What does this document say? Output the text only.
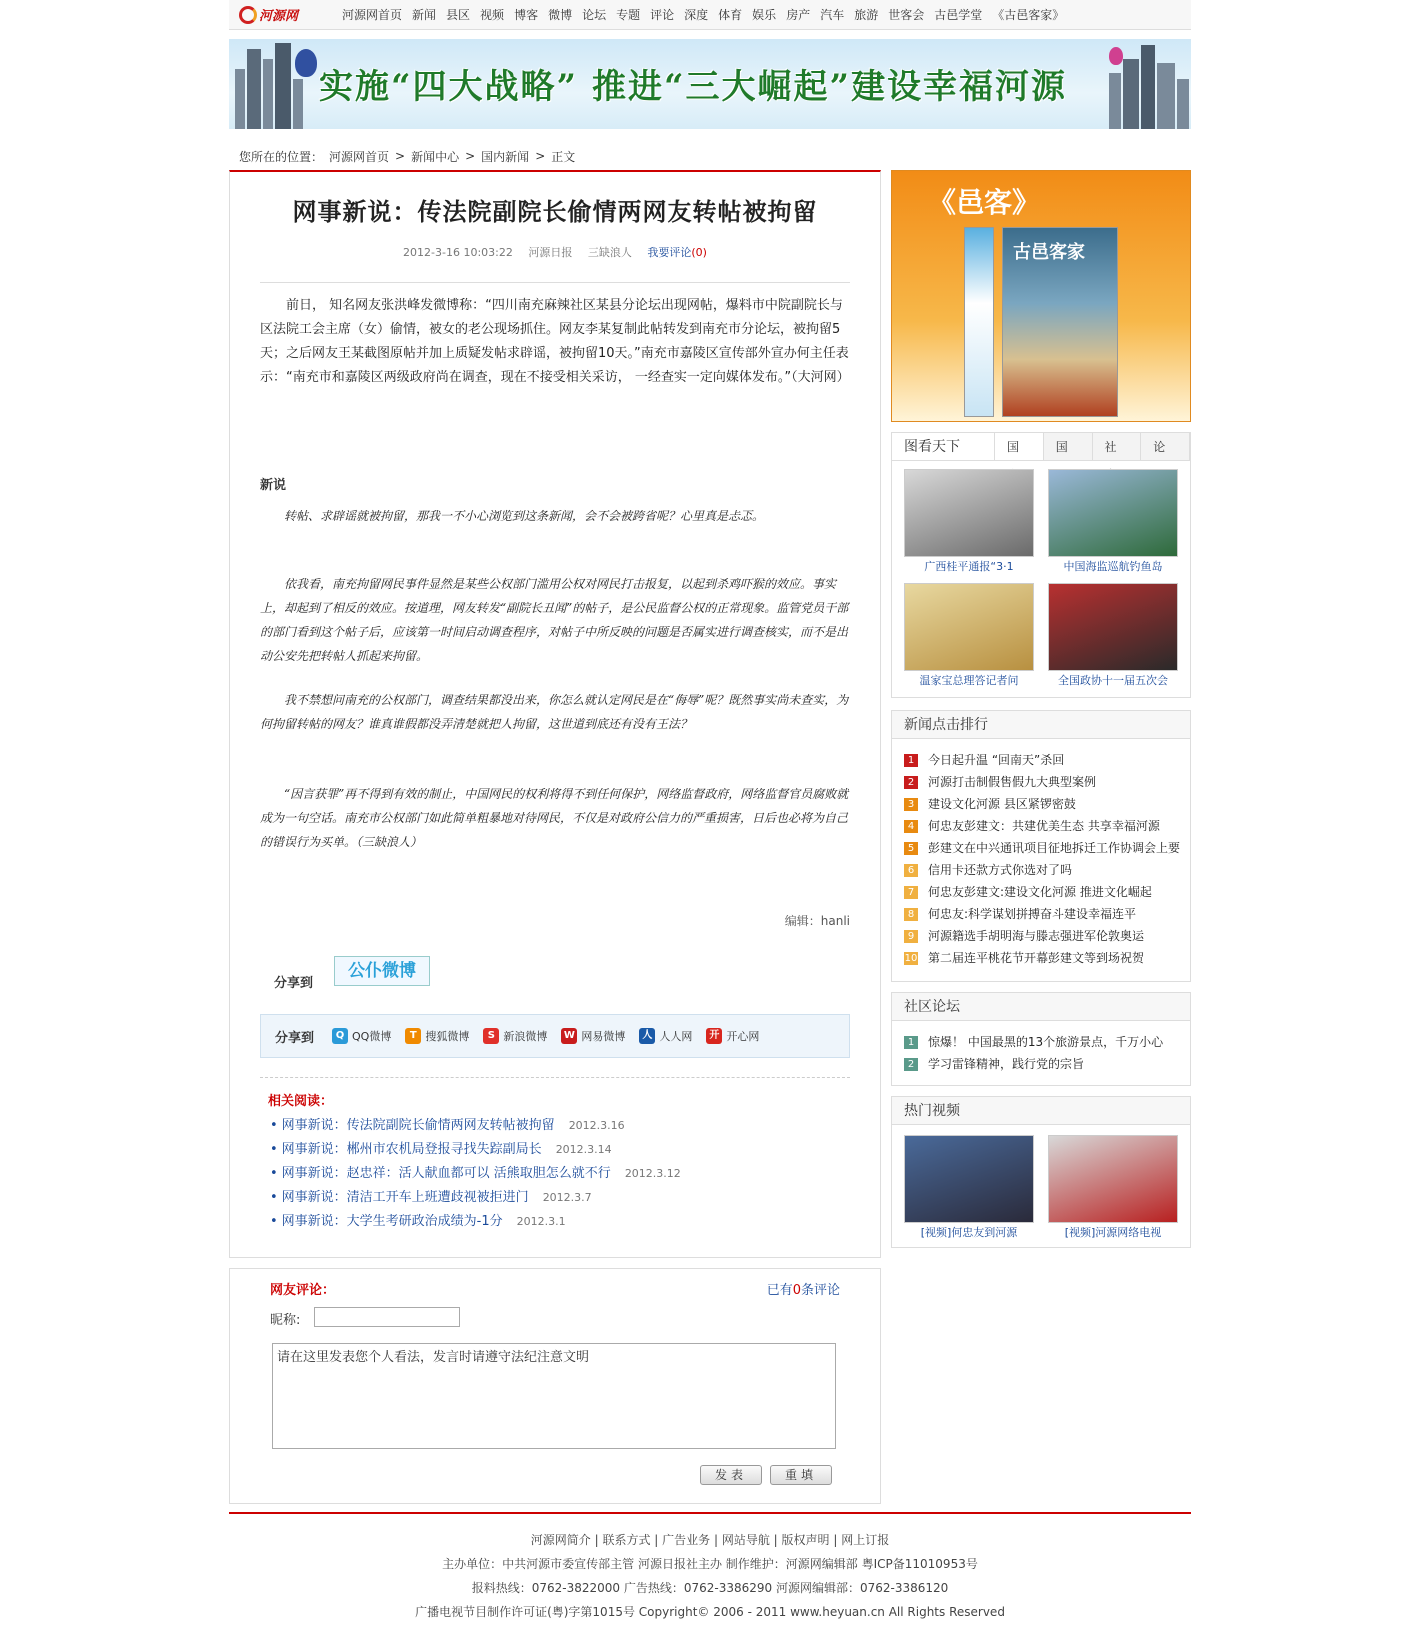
河源网	河源网首页 新闻 县区 视频 博客 微博 论坛 专题 评论 深度 体育 娱乐 房产 汽车 旅游 世客会 古邑学堂 《古邑客家》
实施“四大战略” 推进“三大崛起”建设幸福河源
您所在的位置： 河源网首页 > 新闻中心 > 国内新闻 > 正文
网事新说：传法院副院长偷情两网友转帖被拘留
2012-3-16 10:03:22 河源日报 三缺浪人 我要评论(0)

前日， 知名网友张洪峰发微博称：“四川南充麻辣社区某县分论坛出现网帖，爆料市中院副院长与区法院工会主席（女）偷情，被女的老公现场抓住。网友李某复制此帖转发到南充市分论坛，被拘留5天；之后网友王某截图原帖并加上质疑发帖求辟谣，被拘留10天。”南充市嘉陵区宣传部外宣办何主任表示：“南充市和嘉陵区两级政府尚在调查，现在不接受相关采访， 一经查实一定向媒体发布。”（大河网）

新说

转帖、求辟谣就被拘留，那我一不小心浏览到这条新闻，会不会被跨省呢？心里真是忐忑。

依我看，南充拘留网民事件显然是某些公权部门滥用公权对网民打击报复，以起到杀鸡吓猴的效应。事实上，却起到了相反的效应。按道理，网友转发“副院长丑闻”的帖子，是公民监督公权的正常现象。监管党员干部的部门看到这个帖子后，应该第一时间启动调查程序，对帖子中所反映的问题是否属实进行调查核实，而不是出动公安先把转帖人抓起来拘留。

我不禁想问南充的公权部门，调查结果都没出来，你怎么就认定网民是在“侮辱”呢？既然事实尚未查实，为何拘留转帖的网友？谁真谁假都没弄清楚就把人拘留，这世道到底还有没有王法？

“因言获罪”再不得到有效的制止，中国网民的权利将得不到任何保护，网络监督政府，网络监督官员腐败就成为一句空话。南充市公权部门如此简单粗暴地对待网民，不仅是对政府公信力的严重损害，日后也必将为自己的错误行为买单。（三缺浪人）

编辑：hanli
分享到
公仆微博
分享到	Q QQ微博	T 搜狐微博	S 新浪微博 W 网易微博	人 人人网	开 开心网
相关阅读：
• 网事新说：传法院副院长偷情两网友转帖被拘留 2012.3.16
• 网事新说：郴州市农机局登报寻找失踪副局长 2012.3.14
• 网事新说：赵忠祥：活人献血都可以 活熊取胆怎么就不行 2012.3.12
• 网事新说：清洁工开车上班遭歧视被拒进门 2012.3.7
• 网事新说：大学生考研政治成绩为-1分 2012.3.1
网友评论：	已有0条评论
昵称:
请在这里发表您个人看法，发言时请遵守法纪注意文明
发表	重填
《邑客》
古邑客家
图看天下	国	国	社	论
广西桂平通报“3·1	中国海监巡航钓鱼岛
温家宝总理答记者问	全国政协十一届五次会
新闻点击排行
1	今日起升温 “回南天”杀回
2	河源打击制假售假九大典型案例
3	建设文化河源 县区紧锣密鼓
4	何忠友彭建文：共建优美生态 共享幸福河源
5	彭建文在中兴通讯项目征地拆迁工作协调会上要
6	信用卡还款方式你选对了吗
7	何忠友彭建文:建设文化河源 推进文化崛起
8	何忠友:科学谋划拼搏奋斗建设幸福连平
9	河源籍选手胡明海与滕志强进军伦敦奥运
10 第二届连平桃花节开幕彭建文等到场祝贺
社区论坛
1	惊爆！ 中国最黑的13个旅游景点，千万小心
2	学习雷锋精神，践行党的宗旨
热门视频
[视频]何忠友到河源	[视频]河源网络电视
河源网简介 | 联系方式 | 广告业务 | 网站导航 | 版权声明 | 网上订报
主办单位：中共河源市委宣传部主管 河源日报社主办 制作维护：河源网编辑部 粤ICP备11010953号
报料热线：0762-3822000 广告热线：0762-3386290 河源网编辑部：0762-3386120
广播电视节目制作许可证(粤)字第1015号 Copyright© 2006 - 2011 www.heyuan.cn All Rights Reserved
